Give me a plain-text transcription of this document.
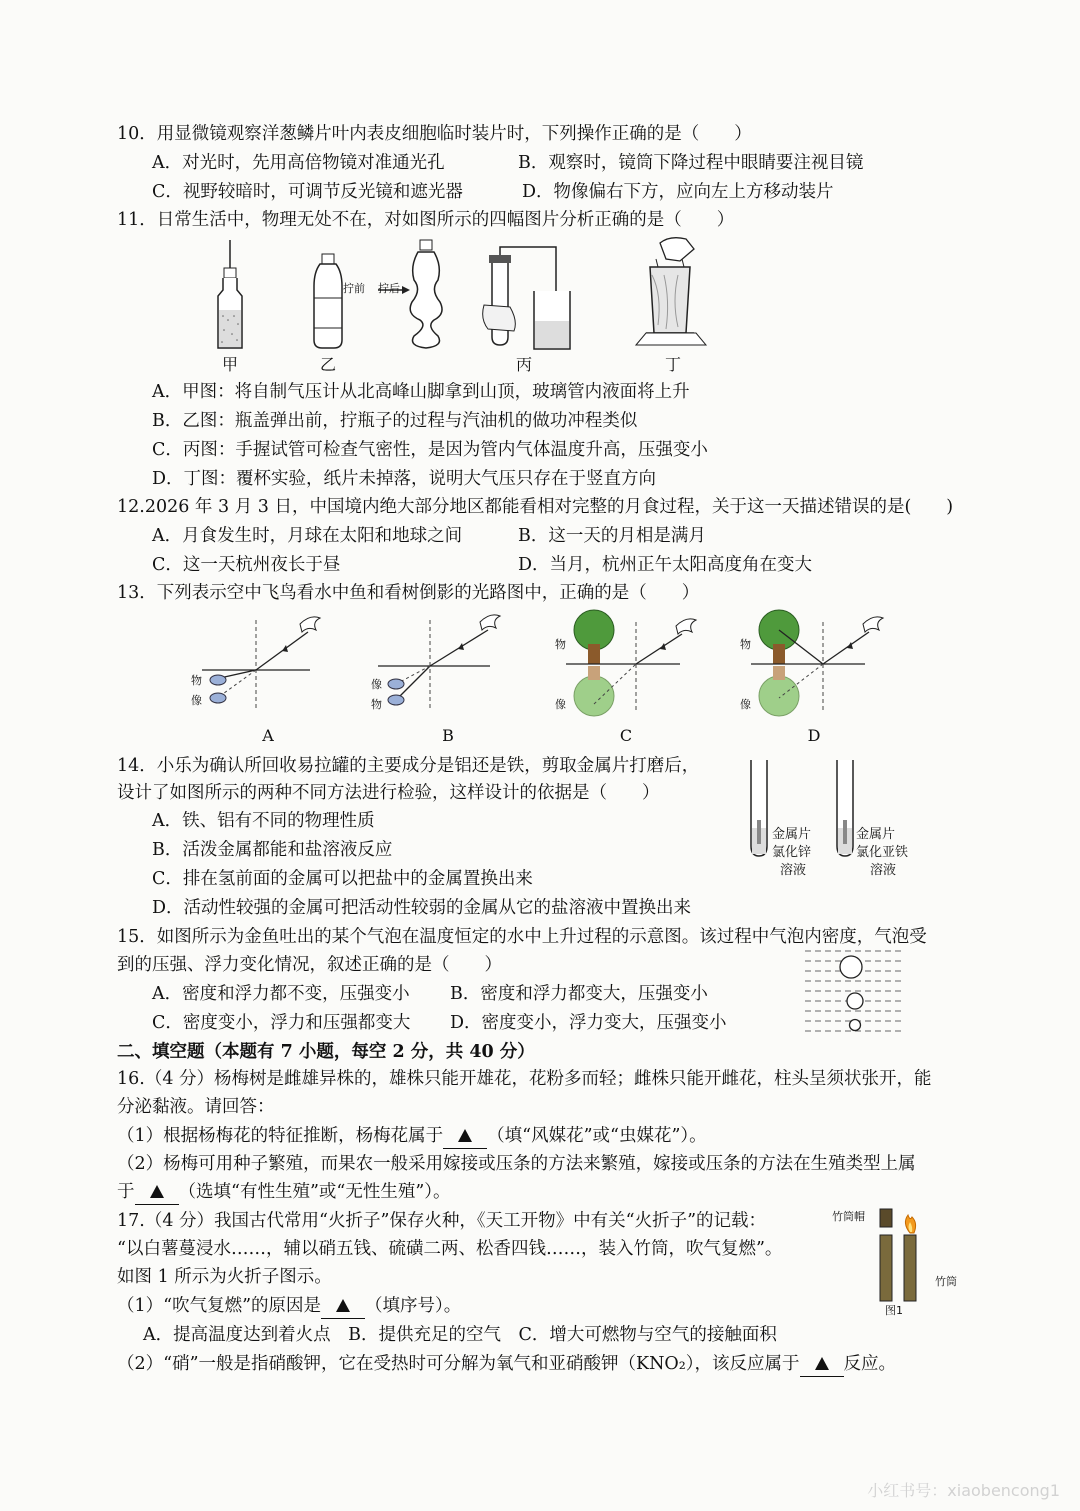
10．用显微镜观察洋葱鳞片叶内表皮细胞临时装片时，下列操作正确的是（　　）
A．对光时，先用高倍物镜对准通光孔	B．观察时，镜筒下降过程中眼睛要注视目镜
C．视野较暗时，可调节反光镜和遮光器	D．物像偏右下方，应向左上方移动装片
11．日常生活中，物理无处不在，对如图所示的四幅图片分析正确的是（　　）
拧前 拧后
甲	乙	丙	丁
A．甲图：将自制气压计从北高峰山脚拿到山顶，玻璃管内液面将上升
B．乙图：瓶盖弹出前，拧瓶子的过程与汽油机的做功冲程类似
C．丙图：手握试管可检查气密性，是因为管内气体温度升高，压强变小
D．丁图：覆杯实验，纸片未掉落，说明大气压只存在于竖直方向
12.2026 年 3 月 3 日，中国境内绝大部分地区都能看相对完整的月食过程，关于这一天描述错误的是(　　)
A．月食发生时，月球在太阳和地球之间	B．这一天的月相是满月
C．这一天杭州夜长于昼	D．当月，杭州正午太阳高度角在变大
13．下列表示空中飞鸟看水中鱼和看树倒影的光路图中，正确的是（　　）
物
像
像
物
物
像
物
像
A	B	C	D
14．小乐为确认所回收易拉罐的主要成分是铝还是铁，剪取金属片打磨后，
设计了如图所示的两种不同方法进行检验，这样设计的依据是（　　）
A．铁、铝有不同的物理性质
B．活泼金属都能和盐溶液反应
C．排在氢前面的金属可以把盐中的金属置换出来
D．活动性较强的金属可把活动性较弱的金属从它的盐溶液中置换出来
金属片
氯化锌
溶液
金属片
氯化亚铁
溶液
15．如图所示为金鱼吐出的某个气泡在温度恒定的水中上升过程的示意图。该过程中气泡内密度，气泡受
到的压强、浮力变化情况，叙述正确的是（　　）
A．密度和浮力都不变，压强变小 B．密度和浮力都变大，压强变小
C．密度变小，浮力和压强都变大 D．密度变小，浮力变大，压强变小
二、填空题（本题有 7 小题，每空 2 分，共 40 分）
16.（4 分）杨梅树是雌雄异株的，雄株只能开雄花，花粉多而轻；雌株只能开雌花，柱头呈须状张开，能
分泌黏液。请回答：
（1）根据杨梅花的特征推断，杨梅花属于	（填“风媒花”或“虫媒花”）。
（2）杨梅可用种子繁殖，而果农一般采用嫁接或压条的方法来繁殖，嫁接或压条的方法在生殖类型上属
于	（选填“有性生殖”或“无性生殖”）。
17.（4 分）我国古代常用“火折子”保存火种，《天工开物》中有关“火折子”的记载：
“以白薯蔓浸水……，辅以硝五钱、硫磺二两、松香四钱……，装入竹筒，吹气复燃”。
如图 1 所示为火折子图示。
（1）“吹气复燃”的原因是	（填序号）。
A．提高温度达到着火点　B．提供充足的空气　C．增大可燃物与空气的接触面积
（2）“硝”一般是指硝酸钾，它在受热时可分解为氧气和亚硝酸钾（KNO₂），该反应属于	反应。
竹筒帽
竹筒
图1
小红书号：xiaobencong1
